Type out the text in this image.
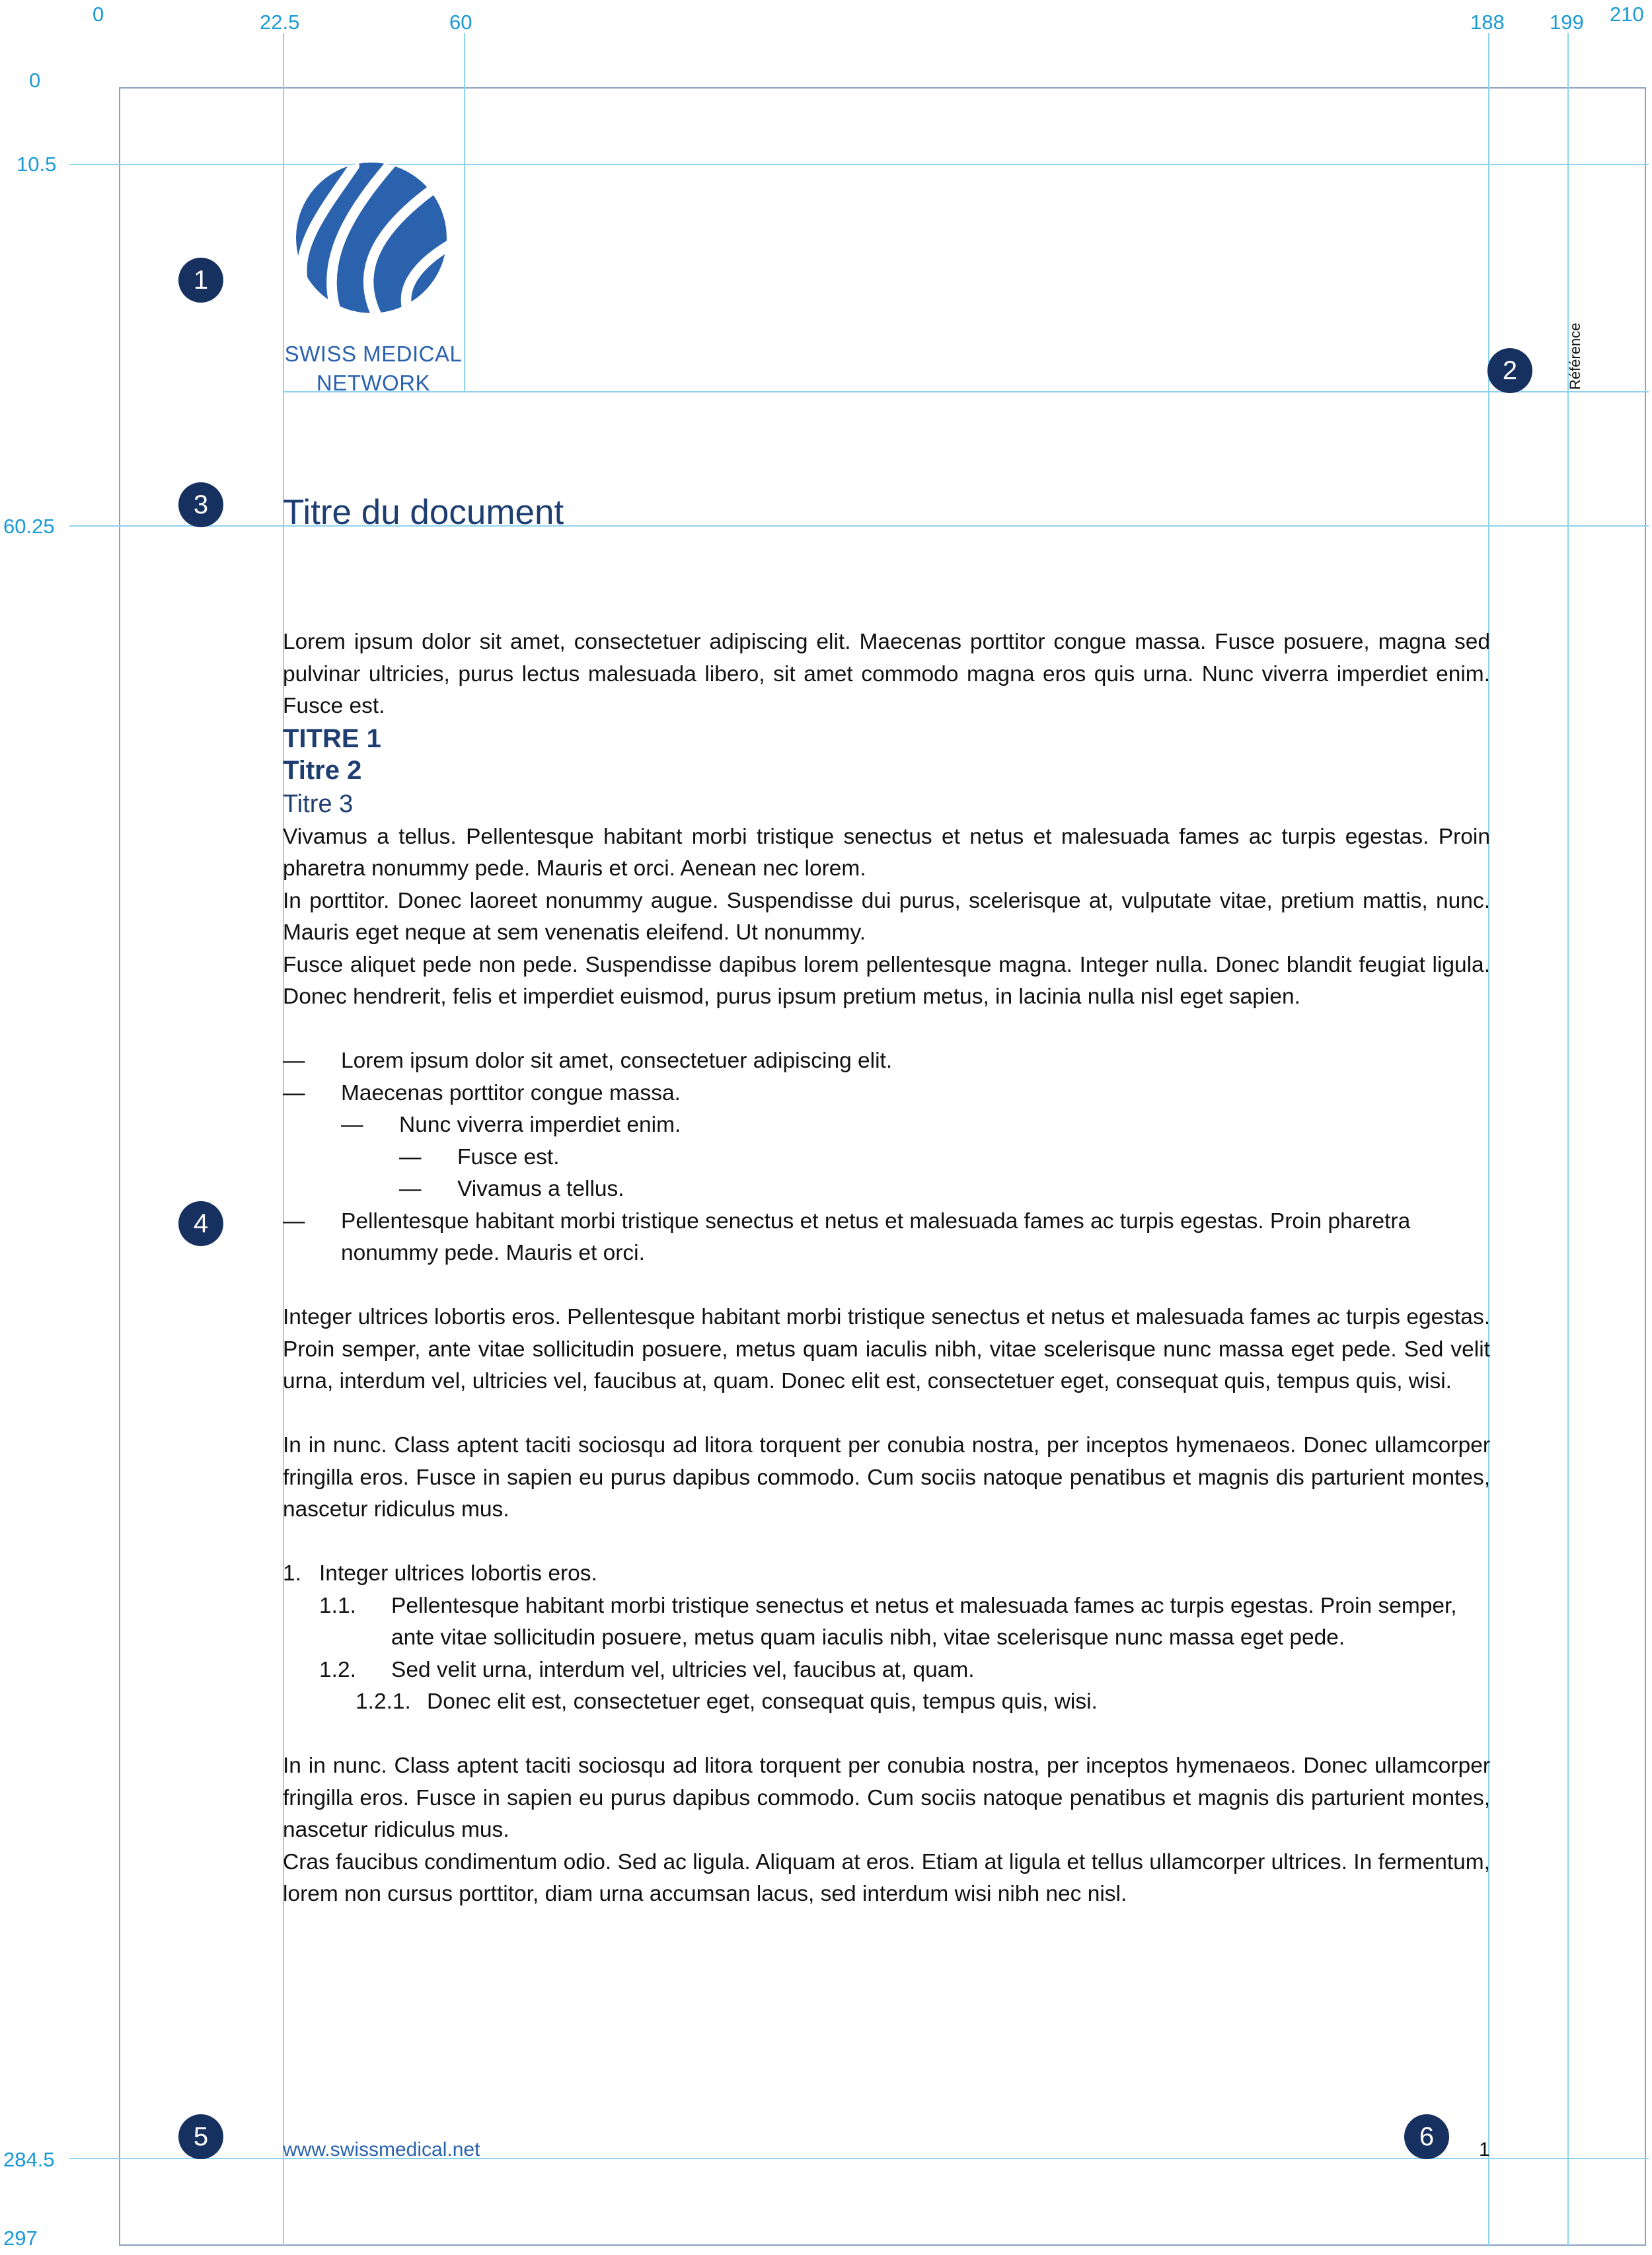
0	22.5	60	188 199 210
0
10.5
60.25
284.5
297
1
2
3
4
5	6
SWISS MEDICAL
NETWORK	Référence
Titre du document

Lorem ipsum dolor sit amet, consectetuer adipiscing elit. Maecenas porttitor congue massa. Fusce posuere, magna sed pulvinar ultricies, purus lectus malesuada libero, sit amet commodo magna eros quis urna. Nunc viverra imperdiet enim. Fusce est.

TITRE 1
Titre 2
Titre 3

Vivamus a tellus. Pellentesque habitant morbi tristique senectus et netus et malesuada fames ac turpis egestas. Proin pharetra nonummy pede. Mauris et orci. Aenean nec lorem.

In porttitor. Donec laoreet nonummy augue. Suspendisse dui purus, scelerisque at, vulputate vitae, pretium mattis, nunc. Mauris eget neque at sem venenatis eleifend. Ut nonummy.

Fusce aliquet pede non pede. Suspendisse dapibus lorem pellentesque magna. Integer nulla. Donec blandit feugiat ligula. Donec hendrerit, felis et imperdiet euismod, purus ipsum pretium metus, in lacinia nulla nisl eget sapien.

— Lorem ipsum dolor sit amet, consectetuer adipiscing elit.
— Maecenas porttitor congue massa.
— Nunc viverra imperdiet enim.
— Fusce est.
— Vivamus a tellus.
— Pellentesque habitant morbi tristique senectus et netus et malesuada fames ac turpis egestas. Proin pharetra nonummy pede. Mauris et orci.

Integer ultrices lobortis eros. Pellentesque habitant morbi tristique senectus et netus et malesuada fames ac turpis egestas. Proin semper, ante vitae sollicitudin posuere, metus quam iaculis nibh, vitae scelerisque nunc massa eget pede. Sed velit urna, interdum vel, ultricies vel, faucibus at, quam. Donec elit est, consectetuer eget, consequat quis, tempus quis, wisi.

In in nunc. Class aptent taciti sociosqu ad litora torquent per conubia nostra, per inceptos hymenaeos. Donec ullamcorper fringilla eros. Fusce in sapien eu purus dapibus commodo. Cum sociis natoque penatibus et magnis dis parturient montes, nascetur ridiculus mus.

1. Integer ultrices lobortis eros.
1.1. Pellentesque habitant morbi tristique senectus et netus et malesuada fames ac turpis egestas. Proin semper, ante vitae sollicitudin posuere, metus quam iaculis nibh, vitae scelerisque nunc massa eget pede.
1.2. Sed velit urna, interdum vel, ultricies vel, faucibus at, quam.
1.2.1. Donec elit est, consectetuer eget, consequat quis, tempus quis, wisi.

In in nunc. Class aptent taciti sociosqu ad litora torquent per conubia nostra, per inceptos hymenaeos. Donec ullamcorper fringilla eros. Fusce in sapien eu purus dapibus commodo. Cum sociis natoque penatibus et magnis dis parturient montes, nascetur ridiculus mus.

Cras faucibus condimentum odio. Sed ac ligula. Aliquam at eros. Etiam at ligula et tellus ullamcorper ultrices. In fermentum, lorem non cursus porttitor, diam urna accumsan lacus, sed interdum wisi nibh nec nisl.

www.swissmedical.net	1
